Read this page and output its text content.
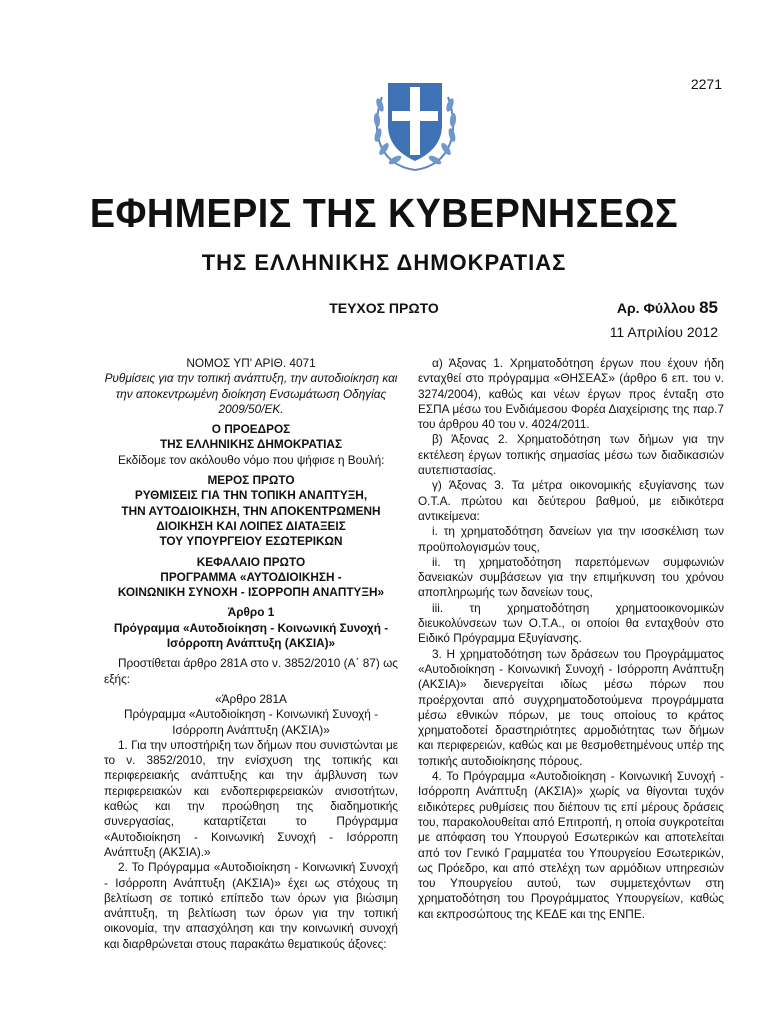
2271
ΕΦΗΜΕΡΙΣ ΤΗΣ ΚΥΒΕΡΝΗΣΕΩΣ
ΤΗΣ ΕΛΛΗΝΙΚΗΣ ΔΗΜΟΚΡΑΤΙΑΣ
ΤΕΥΧΟΣ ΠΡΩΤΟ	Αρ. Φύλλου 85
11 Απριλίου 2012
ΝΟΜΟΣ ΥΠ' ΑΡΙΘ. 4071
Ρυθμίσεις για την τοπική ανάπτυξη, την αυτοδιοίκηση και την αποκεντρωμένη διοίκηση Ενσωμάτωση Οδηγίας 2009/50/ΕΚ.
Ο ΠΡΟΕΔΡΟΣ
ΤΗΣ ΕΛΛΗΝΙΚΗΣ ΔΗΜΟΚΡΑΤΙΑΣ
Εκδίδομε τον ακόλουθο νόμο που ψήφισε η Βουλή:
ΜΕΡΟΣ ΠΡΩΤΟ
ΡΥΘΜΙΣΕΙΣ ΓΙΑ ΤΗΝ ΤΟΠΙΚΗ ΑΝΑΠΤΥΞΗ,
ΤΗΝ ΑΥΤΟΔΙΟΙΚΗΣΗ, ΤΗΝ ΑΠΟΚΕΝΤΡΩΜΕΝΗ
ΔΙΟΙΚΗΣΗ ΚΑΙ ΛΟΙΠΕΣ ΔΙΑΤΑΞΕΙΣ
ΤΟΥ ΥΠΟΥΡΓΕΙΟΥ ΕΣΩΤΕΡΙΚΩΝ
ΚΕΦΑΛΑΙΟ ΠΡΩΤΟ
ΠΡΟΓΡΑΜΜΑ «ΑΥΤΟΔΙΟΙΚΗΣΗ -
ΚΟΙΝΩΝΙΚΗ ΣΥΝΟΧΗ - ΙΣΟΡΡΟΠΗ ΑΝΑΠΤΥΞΗ»
Άρθρο 1
Πρόγραμμα «Αυτοδιοίκηση - Κοινωνική Συνοχή - Ισόρροπη Ανάπτυξη (ΑΚΣΙΑ)»
Προστίθεται άρθρο 281Α στο ν. 3852/2010 (Α΄ 87) ως εξής:
«Άρθρο 281Α
Πρόγραμμα «Αυτοδιοίκηση - Κοινωνική Συνοχή - Ισόρροπη Ανάπτυξη (ΑΚΣΙΑ)»
1. Για την υποστήριξη των δήμων που συνιστώνται με το ν. 3852/2010, την ενίσχυση της τοπικής και περιφερειακής ανάπτυξης και την άμβλυνση των περιφερειακών και ενδοπεριφερειακών ανισοτήτων, καθώς και την προώθηση της διαδημοτικής συνεργασίας, καταρτίζεται το Πρόγραμμα «Αυτοδιοίκηση - Κοινωνική Συνοχή - Ισόρροπη Ανάπτυξη (ΑΚΣΙΑ).»
2. Το Πρόγραμμα «Αυτοδιοίκηση - Κοινωνική Συνοχή - Ισόρροπη Ανάπτυξη (ΑΚΣΙΑ)» έχει ως στόχους τη βελτίωση σε τοπικό επίπεδο των όρων για βιώσιμη ανάπτυξη, τη βελτίωση των όρων για την τοπική οικονομία, την απασχόληση και την κοινωνική συνοχή και διαρθρώνεται στους παρακάτω θεματικούς άξονες:
α) Άξονας 1. Χρηματοδότηση έργων που έχουν ήδη ενταχθεί στο πρόγραμμα «ΘΗΣΕΑΣ» (άρθρο 6 επ. του ν. 3274/2004), καθώς και νέων έργων προς ένταξη στο ΕΣΠΑ μέσω του Ενδιάμεσου Φορέα Διαχείρισης της παρ.7 του άρθρου 40 του ν. 4024/2011.
β) Άξονας 2. Χρηματοδότηση των δήμων για την εκτέλεση έργων τοπικής σημασίας μέσω των διαδικασιών αυτεπιστασίας.
γ) Άξονας 3. Τα μέτρα οικονομικής εξυγίανσης των Ο.Τ.Α. πρώτου και δεύτερου βαθμού, με ειδικότερα αντικείμενα:
i. τη χρηματοδότηση δανείων για την ισοσκέλιση των προϋπολογισμών τους,
ii. τη χρηματοδότηση παρεπόμενων συμφωνιών δανειακών συμβάσεων για την επιμήκυνση του χρόνου αποπληρωμής των δανείων τους,
iii. τη χρηματοδότηση χρηματοοικονομικών διευκολύνσεων των Ο.Τ.Α., οι οποίοι θα ενταχθούν στο Ειδικό Πρόγραμμα Εξυγίανσης.
3. Η χρηματοδότηση των δράσεων του Προγράμματος «Αυτοδιοίκηση - Κοινωνική Συνοχή - Ισόρροπη Ανάπτυξη (ΑΚΣΙΑ)» διενεργείται ιδίως μέσω πόρων που προέρχονται από συγχρηματοδοτούμενα προγράμματα μέσω εθνικών πόρων, με τους οποίους το κράτος χρηματοδοτεί δραστηριότητες αρμοδιότητας των δήμων και περιφερειών, καθώς και με θεσμοθετημένους υπέρ της τοπικής αυτοδιοίκησης πόρους.
4. Το Πρόγραμμα «Αυτοδιοίκηση - Κοινωνική Συνοχή - Ισόρροπη Ανάπτυξη (ΑΚΣΙΑ)» χωρίς να θίγονται τυχόν ειδικότερες ρυθμίσεις που διέπουν τις επί μέρους δράσεις του, παρακολουθείται από Επιτροπή, η οποία συγκροτείται με απόφαση του Υπουργού Εσωτερικών και αποτελείται από τον Γενικό Γραμματέα του Υπουργείου Εσωτερικών, ως Πρόεδρο, και από στελέχη των αρμόδιων υπηρεσιών του Υπουργείου αυτού, των συμμετεχόντων στη χρηματοδότηση του Προγράμματος Υπουργείων, καθώς και εκπροσώπους της ΚΕΔΕ και της ΕΝΠΕ.
